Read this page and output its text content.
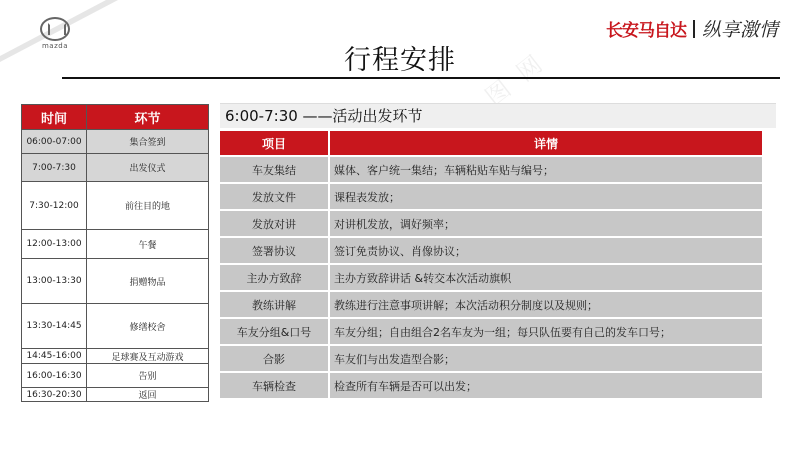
mazda
长安马自达 纵享激情
图 网
行程安排
时间	环节
06:00-07:00	集合签到
7:00-7:30	出发仪式
7:30-12:00	前往目的地
12:00-13:00	午餐
13:00-13:30	捐赠物品
13:30-14:45	修缮校舍
14:45-16:00	足球赛及互动游戏
16:00-16:30	告别
16:30-20:30	返回
6:00-7:30 ——活动出发环节
项目	详情
车友集结	媒体、客户统一集结；车辆粘贴车贴与编号；
发放文件	课程表发放；
发放对讲	对讲机发放，调好频率；
签署协议	签订免责协议、肖像协议；
主办方致辞	主办方致辞讲话 &转交本次活动旗帜
教练讲解	教练进行注意事项讲解；本次活动积分制度以及规则；
车友分组&口号	车友分组；自由组合2名车友为一组；每只队伍要有自己的发车口号；
合影	车友们与出发造型合影；
车辆检查	检查所有车辆是否可以出发；
